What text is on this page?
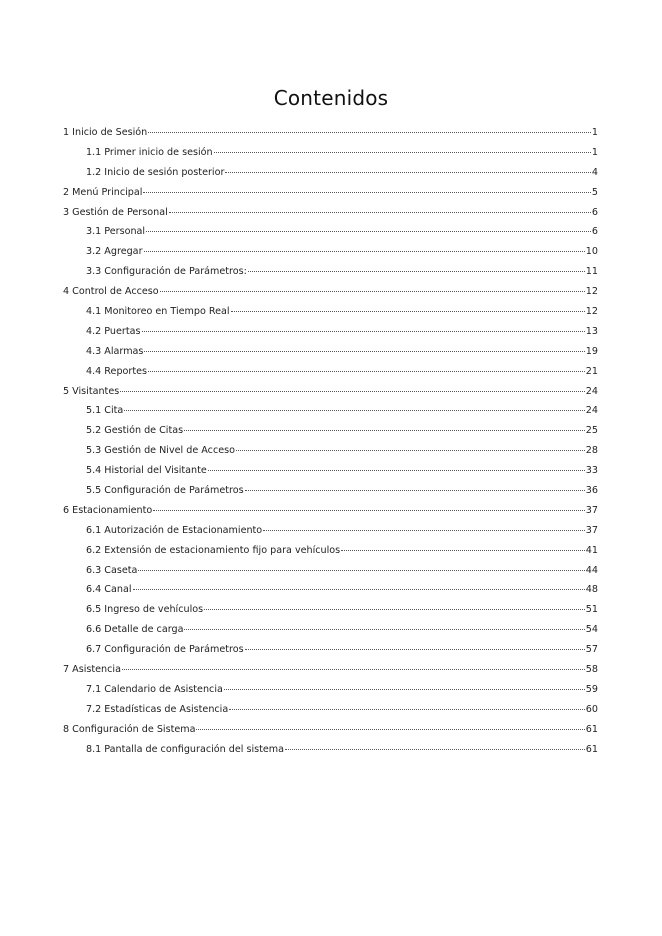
Contenidos
1 Inicio de Sesión	1
1.1 Primer inicio de sesión	1
1.2 Inicio de sesión posterior	4
2 Menú Principal	5
3 Gestión de Personal	6
3.1 Personal	6
3.2 Agregar	10
3.3 Configuración de Parámetros:	11
4 Control de Acceso	12
4.1 Monitoreo en Tiempo Real	12
4.2 Puertas	13
4.3 Alarmas	19
4.4 Reportes	21
5 Visitantes	24
5.1 Cita	24
5.2 Gestión de Citas	25
5.3 Gestión de Nivel de Acceso	28
5.4 Historial del Visitante	33
5.5 Configuración de Parámetros	36
6 Estacionamiento	37
6.1 Autorización de Estacionamiento	37
6.2 Extensión de estacionamiento fijo para vehículos	41
6.3 Caseta	44
6.4 Canal	48
6.5 Ingreso de vehículos	51
6.6 Detalle de carga	54
6.7 Configuración de Parámetros	57
7 Asistencia	58
7.1 Calendario de Asistencia	59
7.2 Estadísticas de Asistencia	60
8 Configuración de Sistema	61
8.1 Pantalla de configuración del sistema	61
